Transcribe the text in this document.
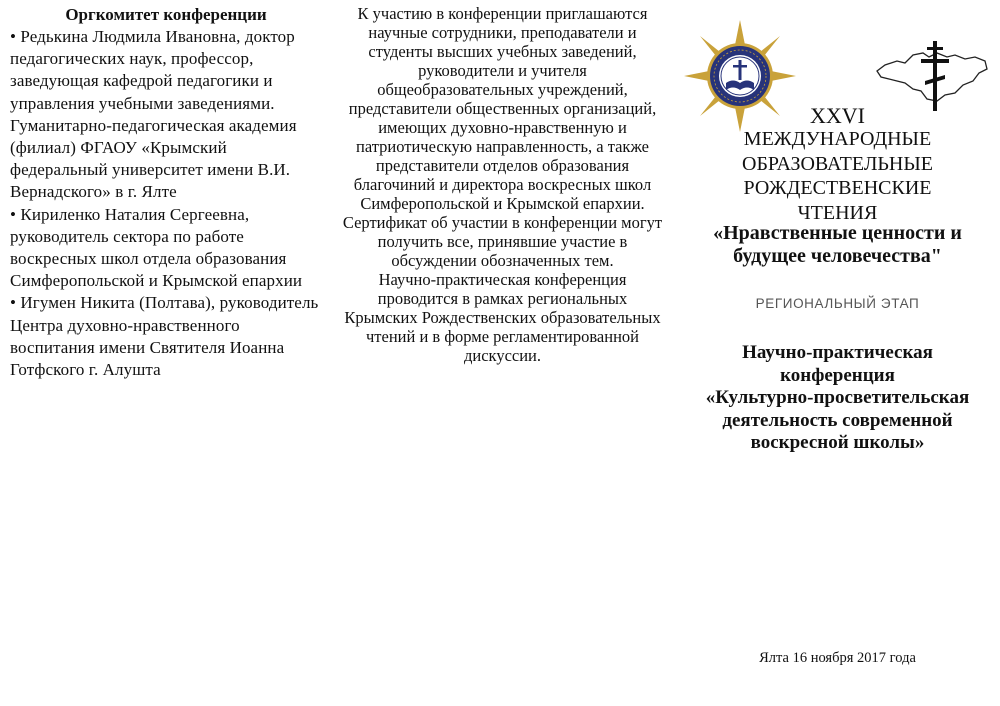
Оргкомитет конференции
• Редькина Людмила Ивановна, доктор педагогических наук, профессор, заведующая кафедрой педагогики и управления учебными заведениями. Гуманитарно-педагогическая академия (филиал) ФГАОУ «Крымский федеральный университет имени В.И. Вернадского» в г. Ялте
• Кириленко Наталия Сергеевна, руководитель сектора по работе воскресных школ отдела образования Симферопольской и Крымской епархии
• Игумен Никита (Полтава), руководитель Центра духовно-нравственного воспитания имени Святителя Иоанна Готфского г. Алушта

К участию в конференции приглашаются научные сотрудники, преподаватели и студенты высших учебных заведений, руководители и учителя общеобразовательных учреждений, представители общественных организаций, имеющих духовно-нравственную и патриотическую направленность, а также представители отделов образования благочиний и директора воскресных школ Симферопольской и Крымской епархии.

Сертификат об участии в конференции могут получить все, принявшие участие в обсуждении обозначенных тем.

Научно-практическая конференция проводится в рамках региональных Крымских Рождественских образовательных чтений и в форме регламентированной дискуссии.

XXVI
МЕЖДУНАРОДНЫЕ
ОБРАЗОВАТЕЛЬНЫЕ
РОЖДЕСТВЕНСКИЕ
ЧТЕНИЯ
«Нравственные ценности и
будущее человечества"
РЕГИОНАЛЬНЫЙ ЭТАП
Научно-практическая
конференция
«Культурно-просветительская
деятельность современной
воскресной школы»
Ялта 16 ноября 2017 года
